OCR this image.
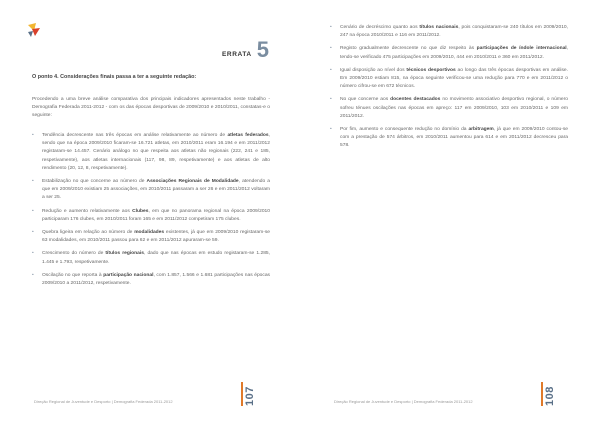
ERRATA 5
O ponto 4. Considerações finais passa a ter a seguinte redação:
Procedendo a uma breve análise comparativa dos principais indicadores apresentados neste trabalho - Demografia Federada 2011-2012 - com os das épocas desportivas de 2009/2010 e 2010/2011, constatas-e o seguinte:
• Tendência decrescente nas três épocas em análise relativamente ao número de atletas federados, sendo que na época 2009/2010 ficaram-se 16.721 atletas, em 2010/2011 eram 16.194 e em 2011/2012 registaram-se 14.457. Cenário análogo no que respeita aos atletas não regionais (222, 241 e 185, respetivamente), aos atletas internacionais (117, 98, 89, respetivamente) e aos atletas de alto rendimento (20, 12, 8, respetivamente).
• Estabilização no que concerne ao número de Associações Regionais de Modalidade, atendendo a que em 2009/2010 existiam 25 associações, em 2010/2011 passaram a ser 26 e em 2011/2012 voltaram a ser 25.
• Redução e aumento relativamente aos Clubes, em que no panorama regional na época 2009/2010 participaram 176 clubes, em 2010/2011 foram 165 e em 2011/2012 competiram 175 clubes.
• Quebra ligeira em relação ao número de modalidades existentes, já que em 2009/2010 registaram-se 63 modalidades, em 2010/2011 passou para 62 e em 2011/2012 apuraram-se 59.
• Crescimento do número de títulos regionais, dado que nas épocas em estudo registaram-se 1.285, 1.445 e 1.793, respetivamente.
• Oscilação no que reporta à participação nacional, com 1.857, 1.566 e 1.681 participações nas épocas 2009/2010 a 2011/2012, respetivamente.
Direção Regional de Juventude e Desporto | Demografia Federada 2011-2012	107
• Cenário de decréscimo quanto aos títulos nacionais, pois conquistaram-se 240 títulos em 2009/2010, 247 na época 2010/2011 e 116 em 2011/2012.
• Registo gradualmente decrescente no que diz respeito às participações de índole internacional, tendo-se verificado 475 participações em 2009/2010, 444 em 2010/2011 e 360 em 2011/2012.
• Igual disposição ao nível dos técnicos desportivos ao longo das três épocas desportivas em análise. Em 2009/2010 estiam 815, na época seguinte verificou-se uma redução para 770 e em 2011/2012 o número cifrou-se em 672 técnicos.
• No que concerne aos docentes destacados no movimento associativo desportivo regional, o número sofreu ténues oscilações nas épocas em apreço: 117 em 2009/2010, 103 em 2010/2011 e 109 em 2011/2012.
• Por fim, aumento e consequente redução no domínio da arbitragem, já que em 2009/2010 contou-se com a prestação de 574 árbitros, em 2010/2011 aumentou para 614 e em 2011/2012 decresceu para 578.
Direção Regional de Juventude e Desporto | Demografia Federada 2011-2012	108
